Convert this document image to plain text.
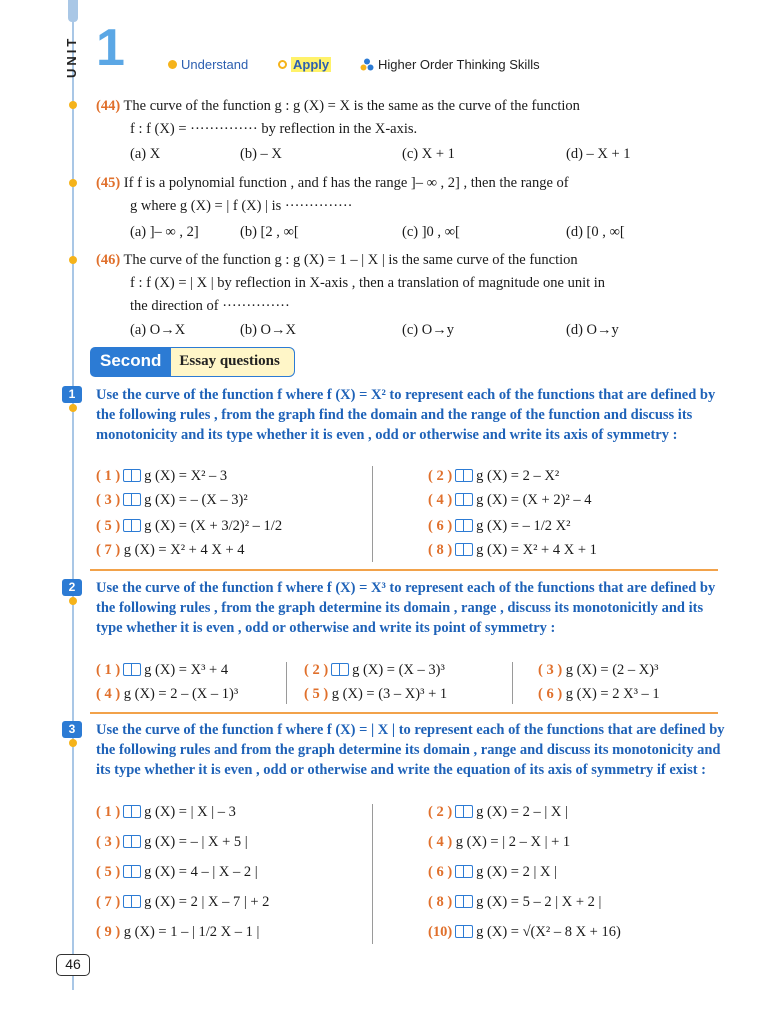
UNIT 1	Understand	Apply	Higher Order Thinking Skills
(44) The curve of the function g : g (X) = X is the same as the curve of the function
f : f (X) = ·············· by reflection in the X-axis.
(a) X	(b) – X	(c) X + 1	(d) – X + 1
(45) If f is a polynomial function , and f has the range ]– ∞ , 2] , then the range of
g where g (X) = | f (X) | is ··············
(a) ]– ∞ , 2]	(b) [2 , ∞[	(c) ]0 , ∞[	(d) [0 , ∞[
(46) The curve of the function g : g (X) = 1 – | X | is the same curve of the function
f : f (X) = | X | by reflection in X-axis , then a translation of magnitude one unit in
the direction of ··············
(a) O→X	(b) O→X	(c) O→y	(d) O→y
Second	Essay questions
1	Use the curve of the function f where f (X) = X² to represent each of the functions that are defined by the following rules , from the graph find the domain and the range of the function and discuss its monotonicity and its type whether it is even , odd or otherwise and write its axis of symmetry :
( 1 ) g (X) = X² – 3	( 2 ) g (X) = 2 – X²
( 3 ) g (X) = – (X – 3)²	( 4 ) g (X) = (X + 2)² – 4
( 5 ) g (X) = (X + 3/2)² – 1/2	( 6 ) g (X) = – 1/2 X²
( 7 ) g (X) = X² + 4 X + 4	( 8 ) g (X) = X² + 4 X + 1
2	Use the curve of the function f where f (X) = X³ to represent each of the functions that are defined by the following rules , from the graph determine its domain , range , discuss its monotonicitly and its type whether it is even , odd or otherwise and write its point of symmetry :
( 1 ) g (X) = X³ + 4	( 2 ) g (X) = (X – 3)³	( 3 ) g (X) = (2 – X)³
( 4 ) g (X) = 2 – (X – 1)³	( 5 ) g (X) = (3 – X)³ + 1	( 6 ) g (X) = 2 X³ – 1
3	Use the curve of the function f where f (X) = | X | to represent each of the functions that are defined by the following rules and from the graph determine its domain , range and discuss its monotonicity and its type whether it is even , odd or otherwise and write the equation of its axis of symmetry if exist :
( 1 ) g (X) = | X | – 3	( 2 ) g (X) = 2 – | X |
( 3 ) g (X) = – | X + 5 |	( 4 ) g (X) = | 2 – X | + 1
( 5 ) g (X) = 4 – | X – 2 |	( 6 ) g (X) = 2 | X |
( 7 ) g (X) = 2 | X – 7 | + 2	( 8 ) g (X) = 5 – 2 | X + 2 |
( 9 ) g (X) = 1 – | 1/2 X – 1 |	(10) g (X) = √(X² – 8 X + 16)
46
